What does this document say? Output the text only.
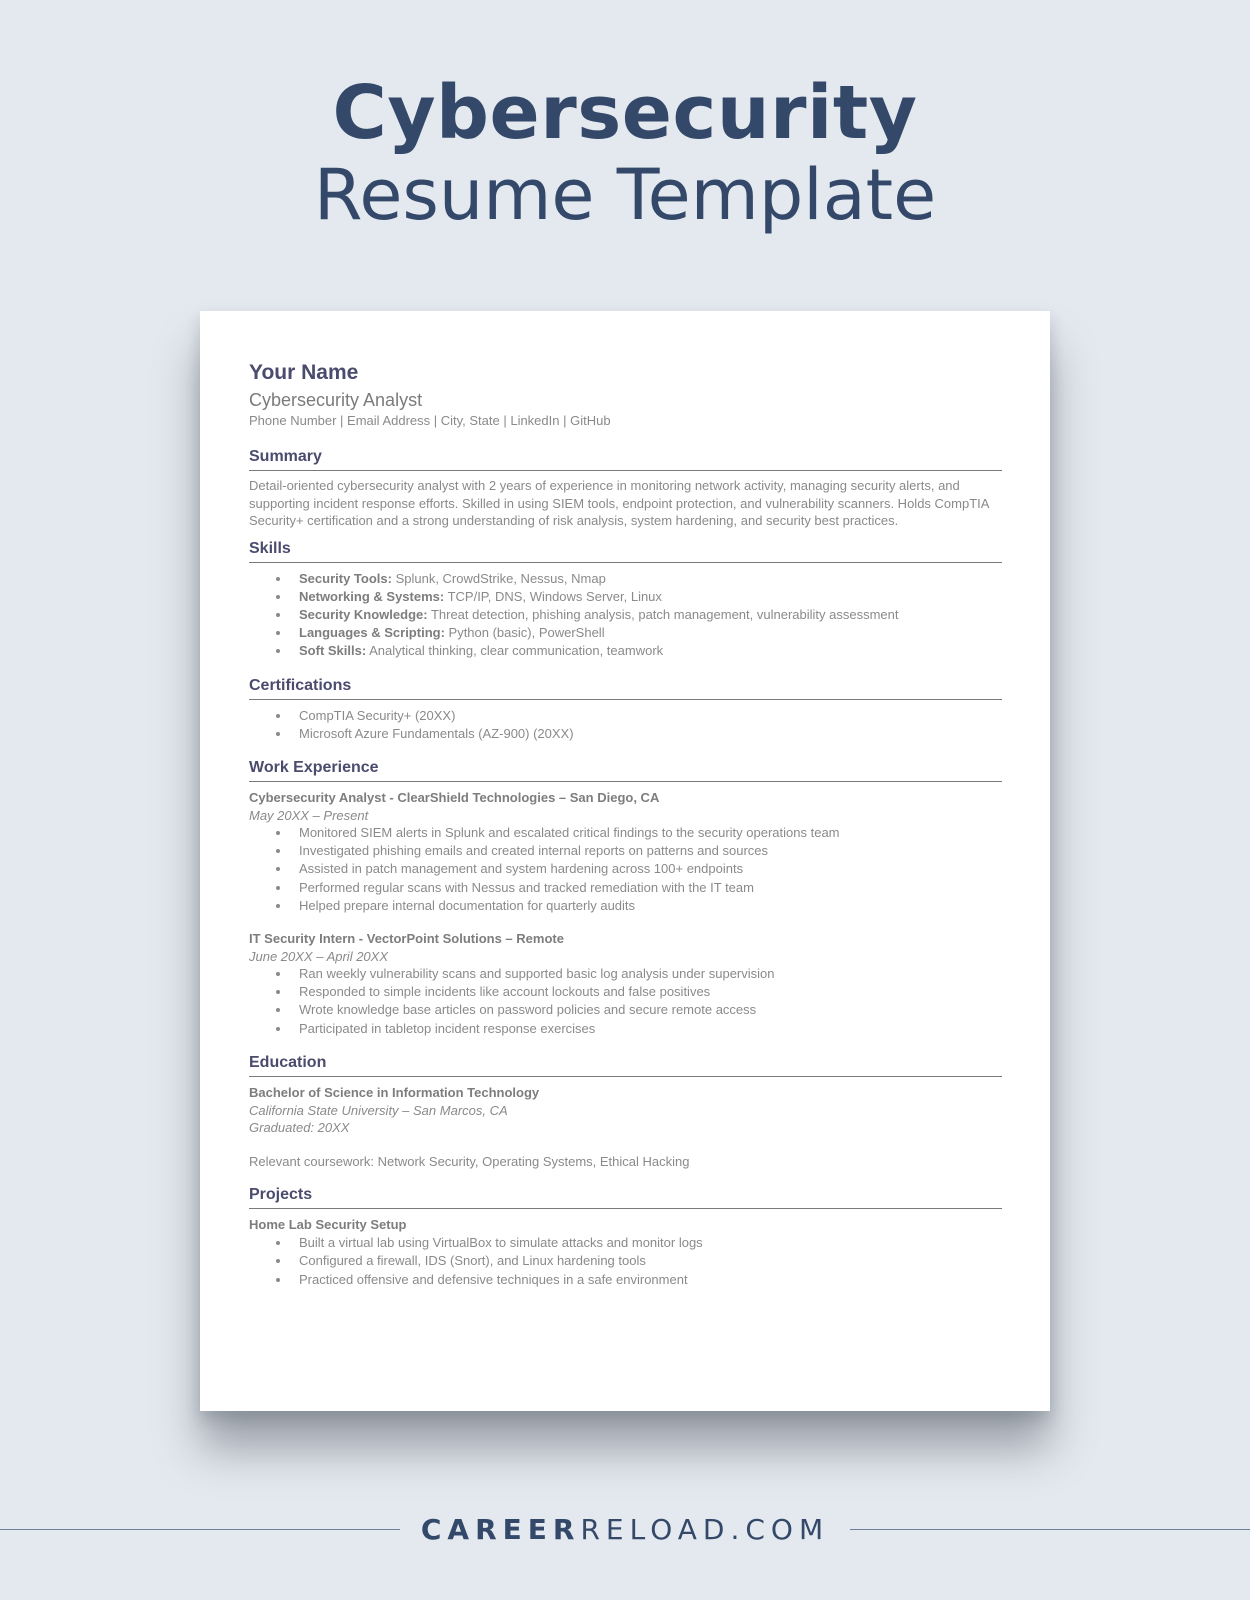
Cybersecurity
Resume Template
Your Name
Cybersecurity Analyst
Phone Number | Email Address | City, State | LinkedIn | GitHub
Summary
Detail-oriented cybersecurity analyst with 2 years of experience in monitoring network activity, managing security alerts, and supporting incident response efforts. Skilled in using SIEM tools, endpoint protection, and vulnerability scanners. Holds CompTIA Security+ certification and a strong understanding of risk analysis, system hardening, and security best practices.
Skills
Security Tools: Splunk, CrowdStrike, Nessus, Nmap
Networking & Systems: TCP/IP, DNS, Windows Server, Linux
Security Knowledge: Threat detection, phishing analysis, patch management, vulnerability assessment
Languages & Scripting: Python (basic), PowerShell
Soft Skills: Analytical thinking, clear communication, teamwork
Certifications
CompTIA Security+ (20XX)
Microsoft Azure Fundamentals (AZ-900) (20XX)
Work Experience
Cybersecurity Analyst - ClearShield Technologies – San Diego, CA
May 20XX – Present
Monitored SIEM alerts in Splunk and escalated critical findings to the security operations team
Investigated phishing emails and created internal reports on patterns and sources
Assisted in patch management and system hardening across 100+ endpoints
Performed regular scans with Nessus and tracked remediation with the IT team
Helped prepare internal documentation for quarterly audits
IT Security Intern - VectorPoint Solutions – Remote
June 20XX – April 20XX
Ran weekly vulnerability scans and supported basic log analysis under supervision
Responded to simple incidents like account lockouts and false positives
Wrote knowledge base articles on password policies and secure remote access
Participated in tabletop incident response exercises
Education
Bachelor of Science in Information Technology
California State University – San Marcos, CA
Graduated: 20XX
Relevant coursework: Network Security, Operating Systems, Ethical Hacking
Projects
Home Lab Security Setup
Built a virtual lab using VirtualBox to simulate attacks and monitor logs
Configured a firewall, IDS (Snort), and Linux hardening tools
Practiced offensive and defensive techniques in a safe environment
CAREERRELOAD.COM
